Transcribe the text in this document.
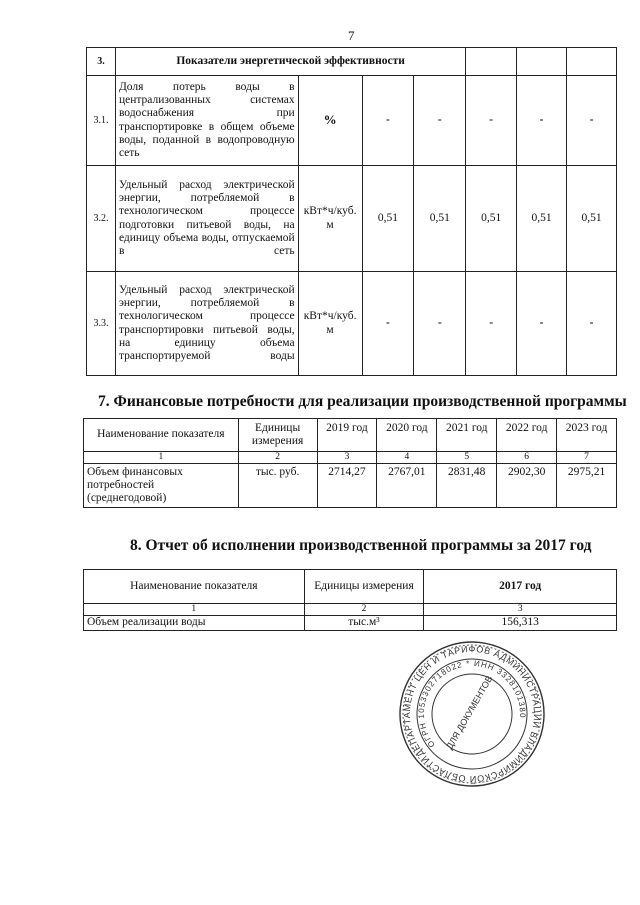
7
3.	Показатели энергетической эффективности						
3.1.	Доля потерь воды в централизованных системах водоснабжения при транспортировке в общем объеме воды, поданной в водопроводную сеть	%	-	-	-	-	-
3.2.	Удельный расход электрической энергии, потребляемой в технологическом процессе подготовки питьевой воды, на единицу объема воды, отпускаемой в сеть	кВт*ч/куб. м	0,51	0,51	0,51	0,51	0,51
3.3.	Удельный расход электрической энергии, потребляемой в технологическом процессе транспортировки питьевой воды, на единицу объема транспортируемой воды	кВт*ч/куб. м	-	-	-	-	-
7. Финансовые потребности для реализации производственной программы
Наименование показателя	Единицы измерения	2019 год	2020 год	2021 год	2022 год	2023 год
1	2	3	4	5	6	7
Объем финансовых потребностей (среднегодовой)	тыс. руб.	2714,27	2767,01	2831,48	2902,30	2975,21
8. Отчет об исполнении производственной программы за 2017 год
Наименование показателя	Единицы измерения	2017 год
1	2	3
Объем реализации воды	тыс.м³	156,313
ДЕПАРТАМЕНТ ЦЕН И ТАРИФОВ АДМИНИСТРАЦИИ ВЛАДИМИРСКОЙ ОБЛАСТИ
ОГРН 1053302718022 * ИНН 3328101380
ДЛЯ ДОКУМЕНТОВ
